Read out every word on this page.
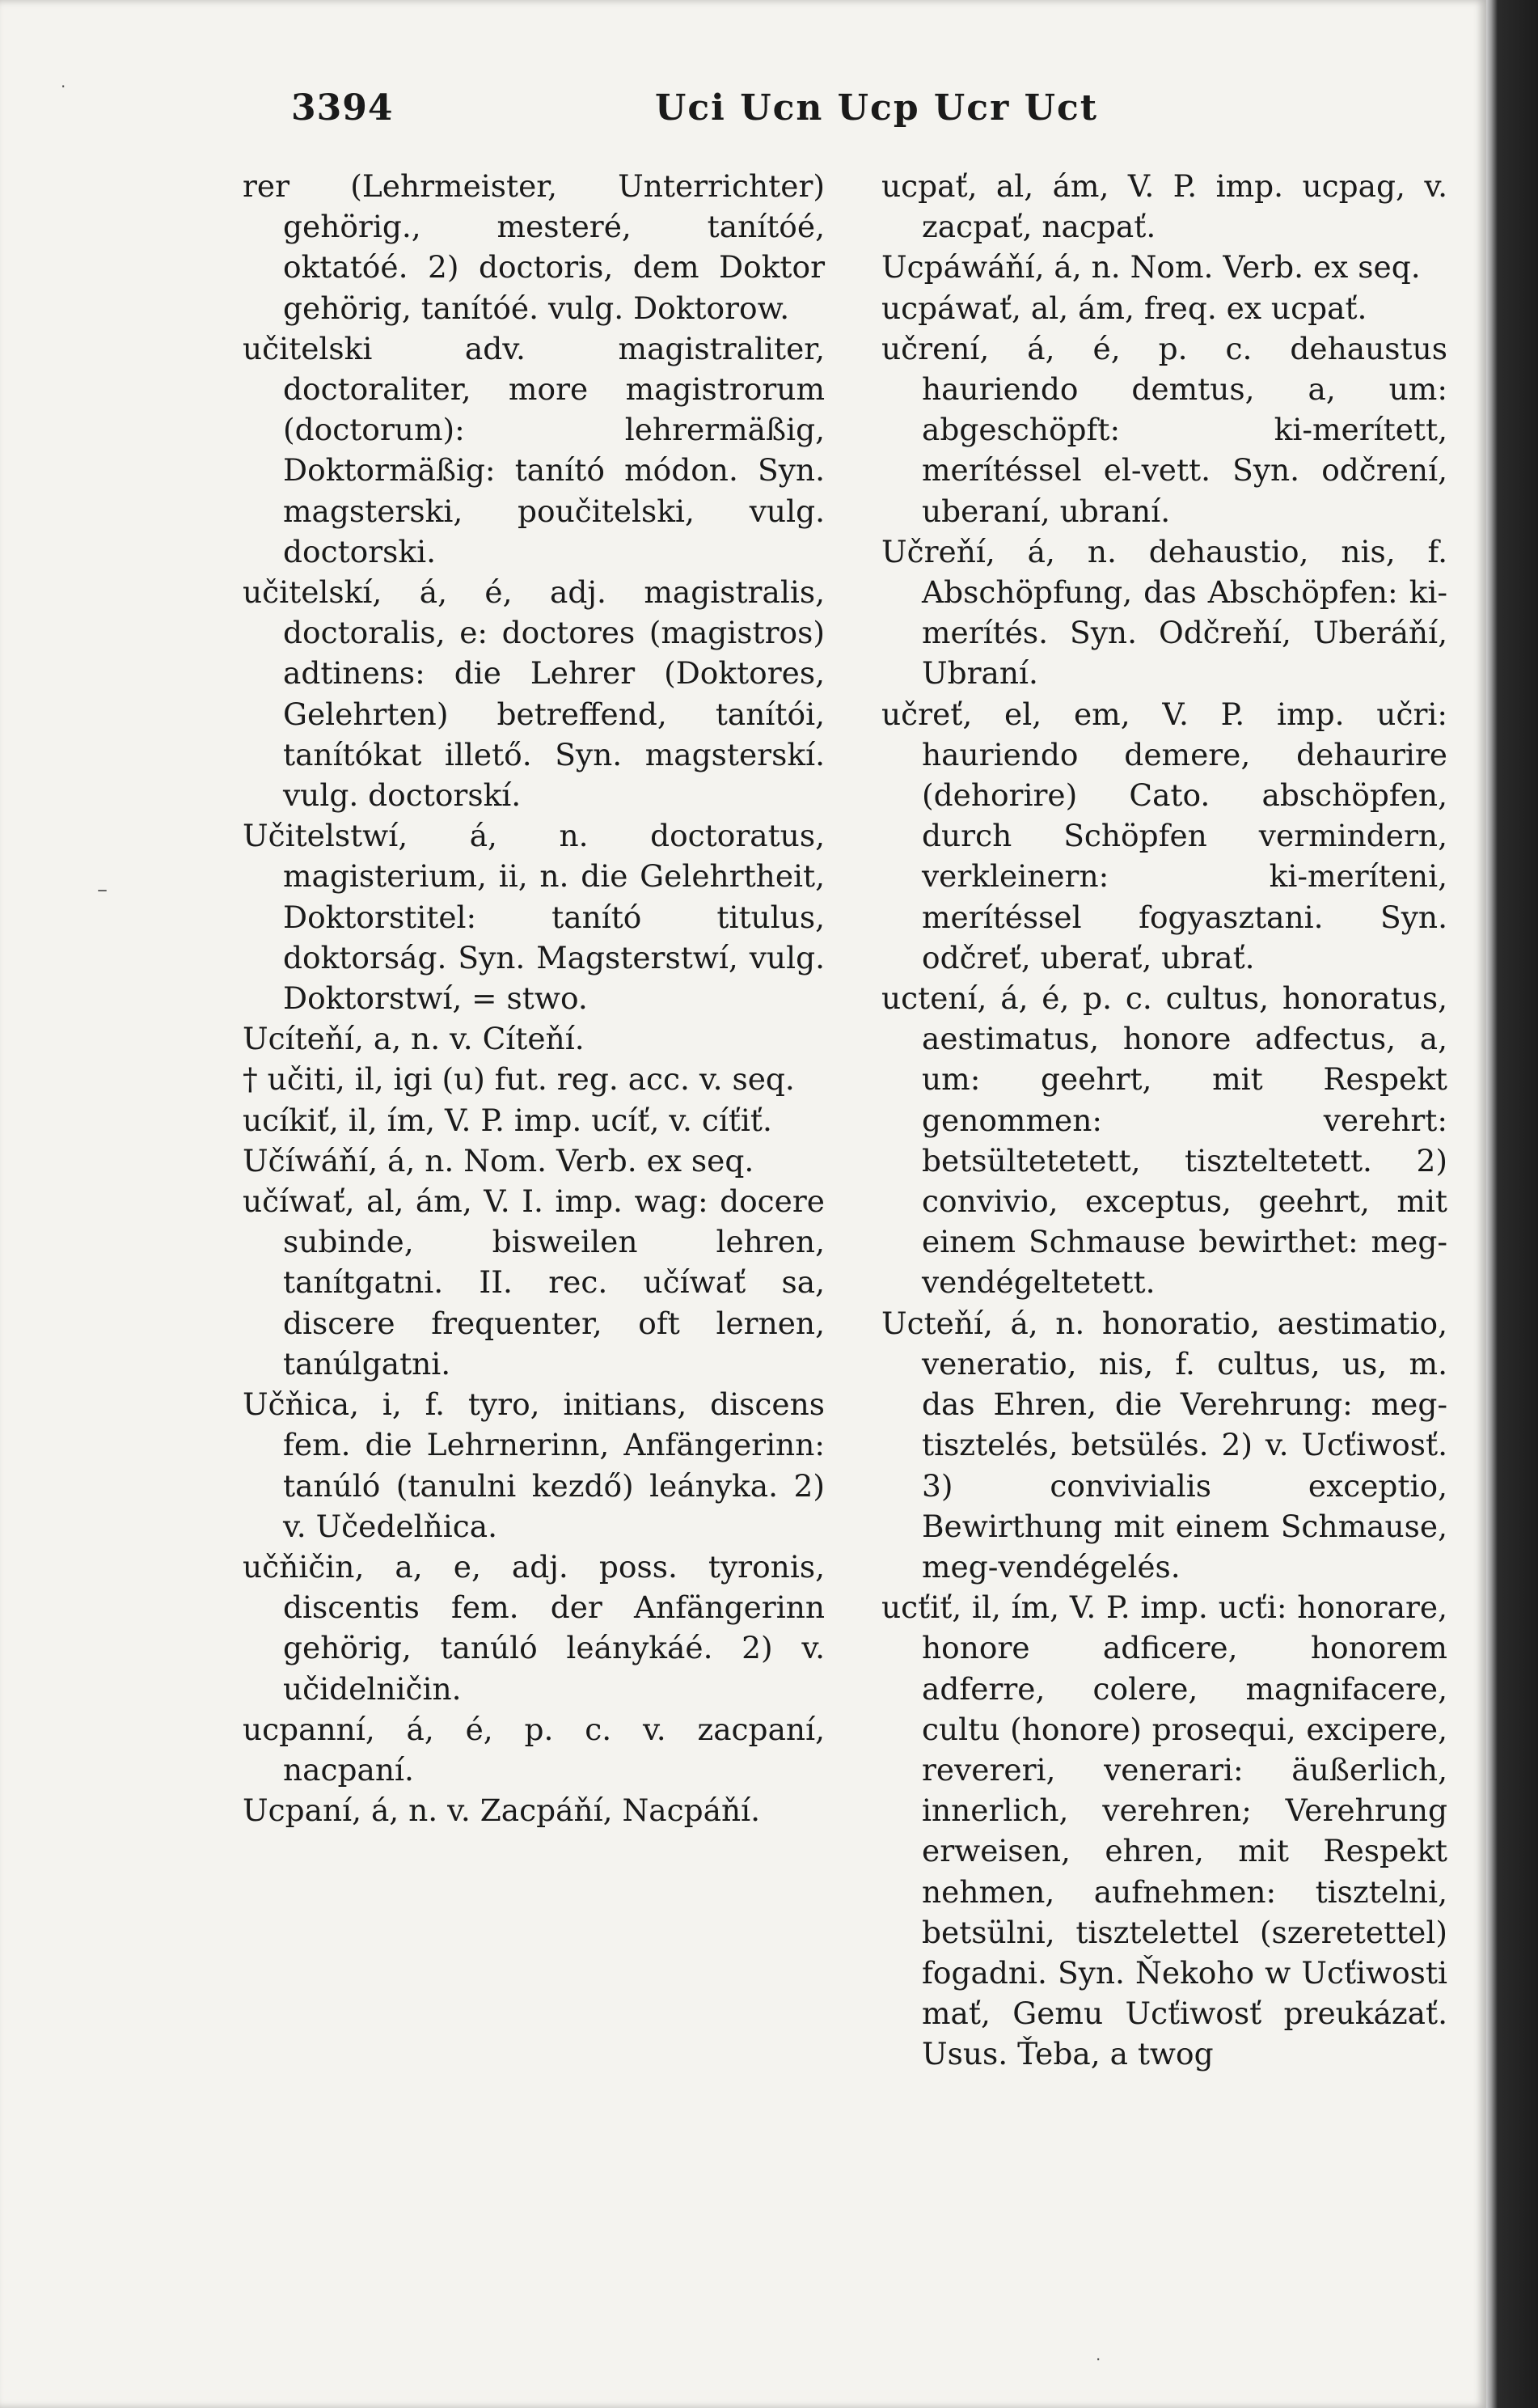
3394	Uci Ucn Ucp Ucr Uct

rer (Lehrmeister, Unterrichter) gehörig., mesteré, tanítóé, oktatóé. 2) doctoris, dem Doktor gehörig, tanítóé. vulg. Doktorow.

učitelski adv. magistraliter, doctoraliter, more magistrorum (doctorum): lehrermäßig, Doktormäßig: tanító módon. Syn. magsterski, poučitelski, vulg. doctorski.

učitelskí, á, é, adj. magistralis, doctoralis, e: doctores (magistros) adtinens: die Lehrer (Doktores, Gelehrten) betreffend, tanítói, tanítókat illető. Syn. magsterskí. vulg. doctorskí.

Učitelstwí, á, n. doctoratus, magisterium, ii, n. die Gelehrtheit, Doktorstitel: tanító titulus, doktorság. Syn. Magsterstwí, vulg. Doktorstwí, = stwo.

Ucíteňí, a, n. v. Cíteňí.

† učiti, il, igi (u) fut. reg. acc. v. seq.

ucíkiť, il, ím, V. P. imp. ucíť, v. cíťiť.

Učíwáňí, á, n. Nom. Verb. ex seq.

učíwať, al, ám, V. I. imp. wag: docere subinde, bisweilen lehren, tanítgatni. II. rec. učíwať sa, discere frequenter, oft lernen, tanúlgatni.

Učňica, i, f. tyro, initians, discens fem. die Lehrnerinn, Anfängerinn: tanúló (tanulni kezdő) leányka. 2) v. Učedelňica.

učňičin, a, e, adj. poss. tyronis, discentis fem. der Anfängerinn gehörig, tanúló leánykáé. 2) v. učidelničin.

ucpanní, á, é, p. c. v. zacpaní, nacpaní.

Ucpaní, á, n. v. Zacpáňí, Nacpáňí.

ucpať, al, ám, V. P. imp. ucpag, v. zacpať, nacpať.

Ucpáwáňí, á, n. Nom. Verb. ex seq.

ucpáwať, al, ám, freq. ex ucpať.

učrení, á, é, p. c. dehaustus hauriendo demtus, a, um: abgeschöpft: ki-merített, merítéssel el-vett. Syn. odčrení, uberaní, ubraní.

Učreňí, á, n. dehaustio, nis, f. Abschöpfung, das Abschöpfen: ki-merítés. Syn. Odčreňí, Uberáňí, Ubraní.

učreť, el, em, V. P. imp. učri: hauriendo demere, dehaurire (dehorire) Cato. abschöpfen, durch Schöpfen vermindern, verkleinern: ki-meríteni, merítéssel fogyasztani. Syn. odčreť, uberať, ubrať.

uctení, á, é, p. c. cultus, honoratus, aestimatus, honore adfectus, a, um: geehrt, mit Respekt genommen: verehrt: betsültetetett, tiszteltetett. 2) convivio, exceptus, geehrt, mit einem Schmause bewirthet: meg-vendégeltetett.

Ucteňí, á, n. honoratio, aestimatio, veneratio, nis, f. cultus, us, m. das Ehren, die Verehrung: meg-tisztelés, betsülés. 2) v. Ucťiwosť. 3) convivialis exceptio, Bewirthung mit einem Schmause, meg-vendégelés.

ucťiť, il, ím, V. P. imp. ucťi: honorare, honore adficere, honorem adferre, colere, magnifacere, cultu (honore) prosequi, excipere, revereri, venerari: äußerlich, innerlich, verehren; Verehrung erweisen, ehren, mit Respekt nehmen, aufnehmen: tisztelni, betsülni, tisztelettel (szeretettel) fogadni. Syn. Ňekoho w Ucťiwosti mať, Gemu Ucťiwosť preukázať. Usus. Ťeba, a twog

·
–
·
